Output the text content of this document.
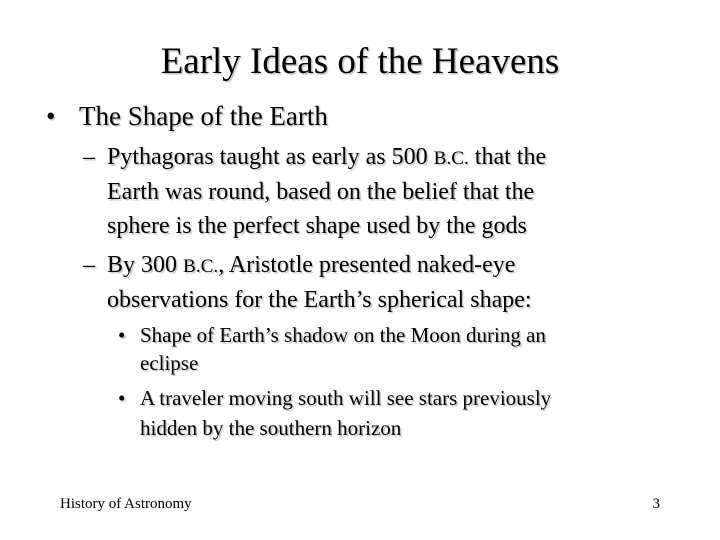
Early Ideas of the Heavens
• The Shape of the Earth
– Pythagoras taught as early as 500 B.C. that the
Earth was round, based on the belief that the
sphere is the perfect shape used by the gods
– By 300 B.C., Aristotle presented naked-eye
observations for the Earth’s spherical shape:
• Shape of Earth’s shadow on the Moon during an
eclipse
• A traveler moving south will see stars previously
hidden by the southern horizon
History of Astronomy	3
